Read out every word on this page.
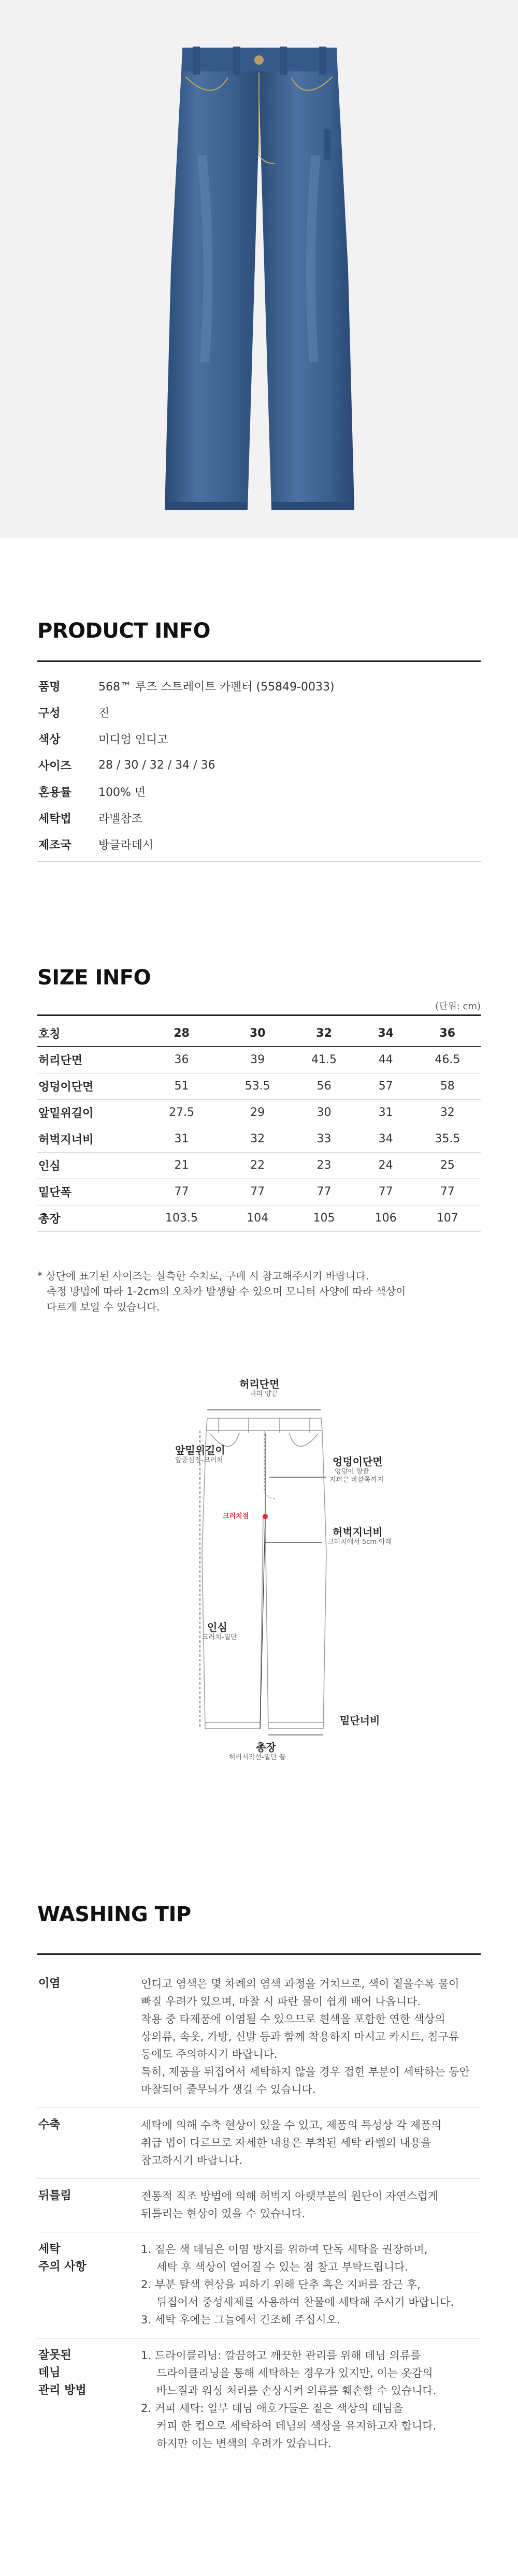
PRODUCT INFO
품명	568™ 루즈 스트레이트 카펜터 (55849-0033)
구성	진
색상	미디엄 인디고
사이즈	28 / 30 / 32 / 34 / 36
혼용률	100% 면
세탁법	라벨참조
제조국	방글라데시
SIZE INFO
(단위: cm)
호칭	28	30	32	34	36
허리단면	36	39	41.5	44	46.5
엉덩이단면	51	53.5	56	57	58
앞밑위길이	27.5	29	30	31	32
허벅지너비	31	32	33	34	35.5
인심	21	22	23	24	25
밑단폭	77	77	77	77	77
총장	103.5	104	105	106	107

* 상단에 표기된 사이즈는 실측한 수치로, 구매 시 참고해주시기 바랍니다.

측정 방법에 따라 1-2cm의 오차가 발생할 수 있으며 모니터 사양에 따라 색상이

다르게 보일 수 있습니다.

허리단면
허리 양끝
앞밑위길이
앞중심점-크러치	엉덩이단면
엉덩이 양끝
지퍼끝 바깥쪽까지
크러치점
허벅지너비
크러치에서 5cm 아래
인심
크러치-밑단
밑단너비
총장
허리시작선-밑단 끝
WASHING TIP
이염	인디고 염색은 몇 차례의 염색 과정을 거치므로, 색이 짙을수록 물이

빠질 우려가 있으며, 마찰 시 파란 물이 쉽게 배어 나옵니다.

착용 중 타제품에 이염될 수 있으므로 흰색을 포함한 연한 색상의

상의류, 속옷, 가방, 신발 등과 함께 착용하지 마시고 카시트, 침구류

등에도 주의하시기 바랍니다.

특히, 제품을 뒤집어서 세탁하지 않을 경우 접힌 부분이 세탁하는 동안

마찰되어 줄무늬가 생길 수 있습니다.

수축	세탁에 의해 수축 현상이 있을 수 있고, 제품의 특성상 각 제품의

취급 법이 다르므로 자세한 내용은 부착된 세탁 라벨의 내용을

참고하시기 바랍니다.

뒤틀림	전통적 직조 방법에 의해 허벅지 아랫부분의 원단이 자연스럽게

뒤틀리는 현상이 있을 수 있습니다.

세탁
주의 사항

1. 짙은 색 데님은 이염 방지를 위하여 단독 세탁을 권장하며,

세탁 후 색상이 옅어질 수 있는 점 참고 부탁드립니다.

2. 부분 탈색 현상을 피하기 위해 단추 혹은 지퍼를 잠근 후,

뒤집어서 중성세제를 사용하여 찬물에 세탁해 주시기 바랍니다.

3. 세탁 후에는 그늘에서 건조해 주십시오.

잘못된
데님
관리 방법

1. 드라이클리닝: 깔끔하고 깨끗한 관리를 위해 데님 의류를

드라이클리닝을 통해 세탁하는 경우가 있지만, 이는 옷감의

바느질과 워싱 처리를 손상시켜 의류를 훼손할 수 있습니다.

2. 커피 세탁: 일부 데님 애호가들은 짙은 색상의 데님을

커피 한 컵으로 세탁하여 데님의 색상을 유지하고자 합니다.

하지만 이는 변색의 우려가 있습니다.
